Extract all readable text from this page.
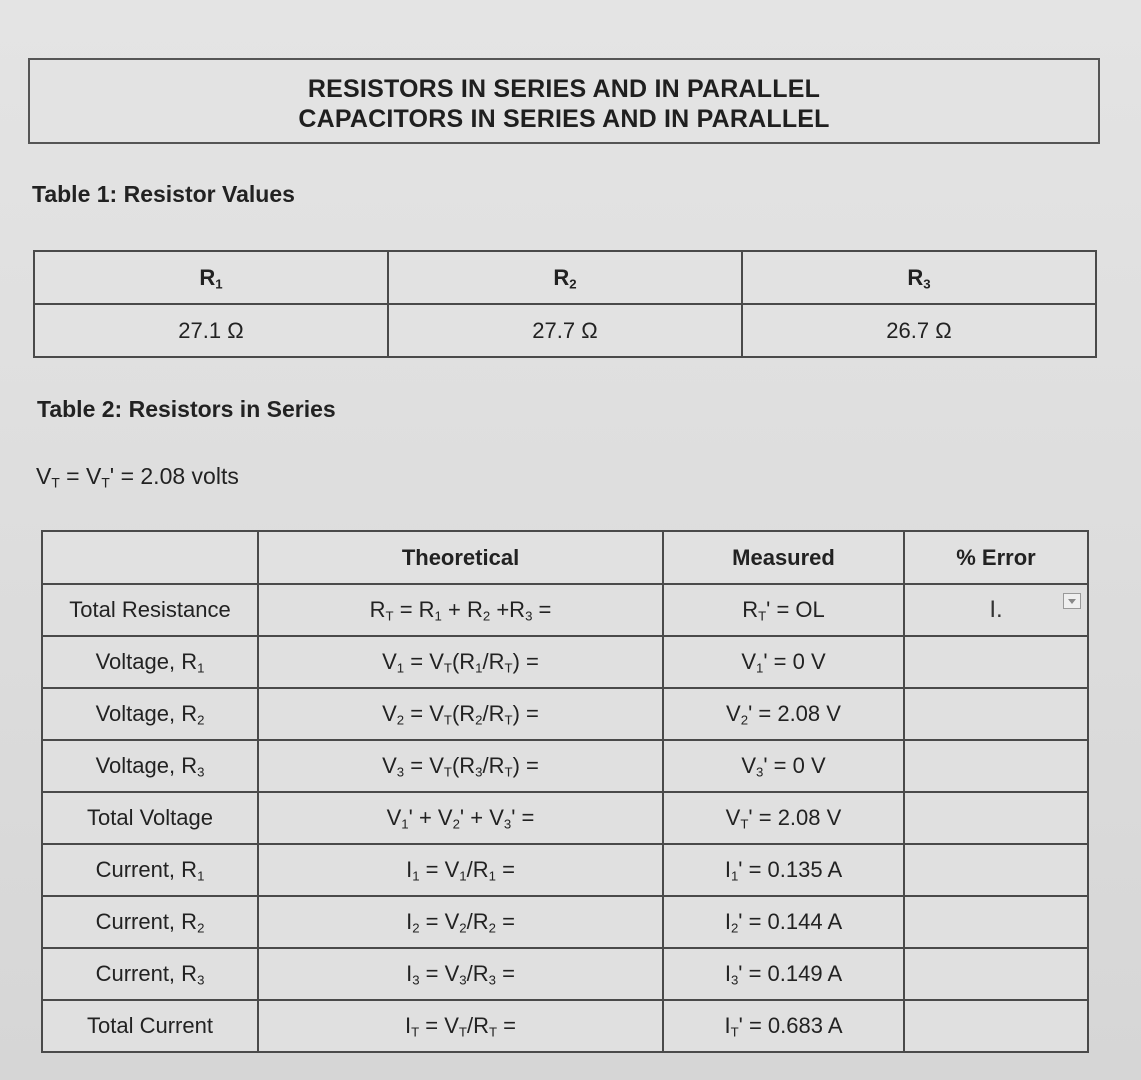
RESISTORS IN SERIES AND IN PARALLEL
CAPACITORS IN SERIES AND IN PARALLEL
Table 1: Resistor Values
$R_1$	$R_2$	$R_3$
27.1 Ω	27.7 Ω	26.7 Ω
Table 2: Resistors in Series
$V_T = V_T' = 2.08$ volts
	Theoretical	Measured	% Error
Total Resistance	$R_T = R_1 + R_2 +R_3$ =	$R_T'$ = OL	I.

Voltage, $R_1$	$V_1 = V_T(R_1/R_T)$ =	$V_1' = 0$ V	
Voltage, $R_2$	$V_2 = V_T(R_2/R_T)$ =	$V_2' = 2.08$ V	
Voltage, $R_3$	$V_3 = V_T(R_3/R_T)$ =	$V_3' = 0$ V	
Total Voltage	$V_1' + V_2' + V_3'$ =	$V_T' = 2.08$ V	
Current, $R_1$	$I_1 = V_1/R_1$ =	$I_1' = 0.135$ A	
Current, $R_2$	$I_2 = V_2/R_2$ =	$I_2' = 0.144$ A	
Current, $R_3$	$I_3 = V_3/R_3$ =	$I_3' = 0.149$ A	
Total Current	$I_T = V_T/R_T$ =	$I_T' = 0.683$ A	
